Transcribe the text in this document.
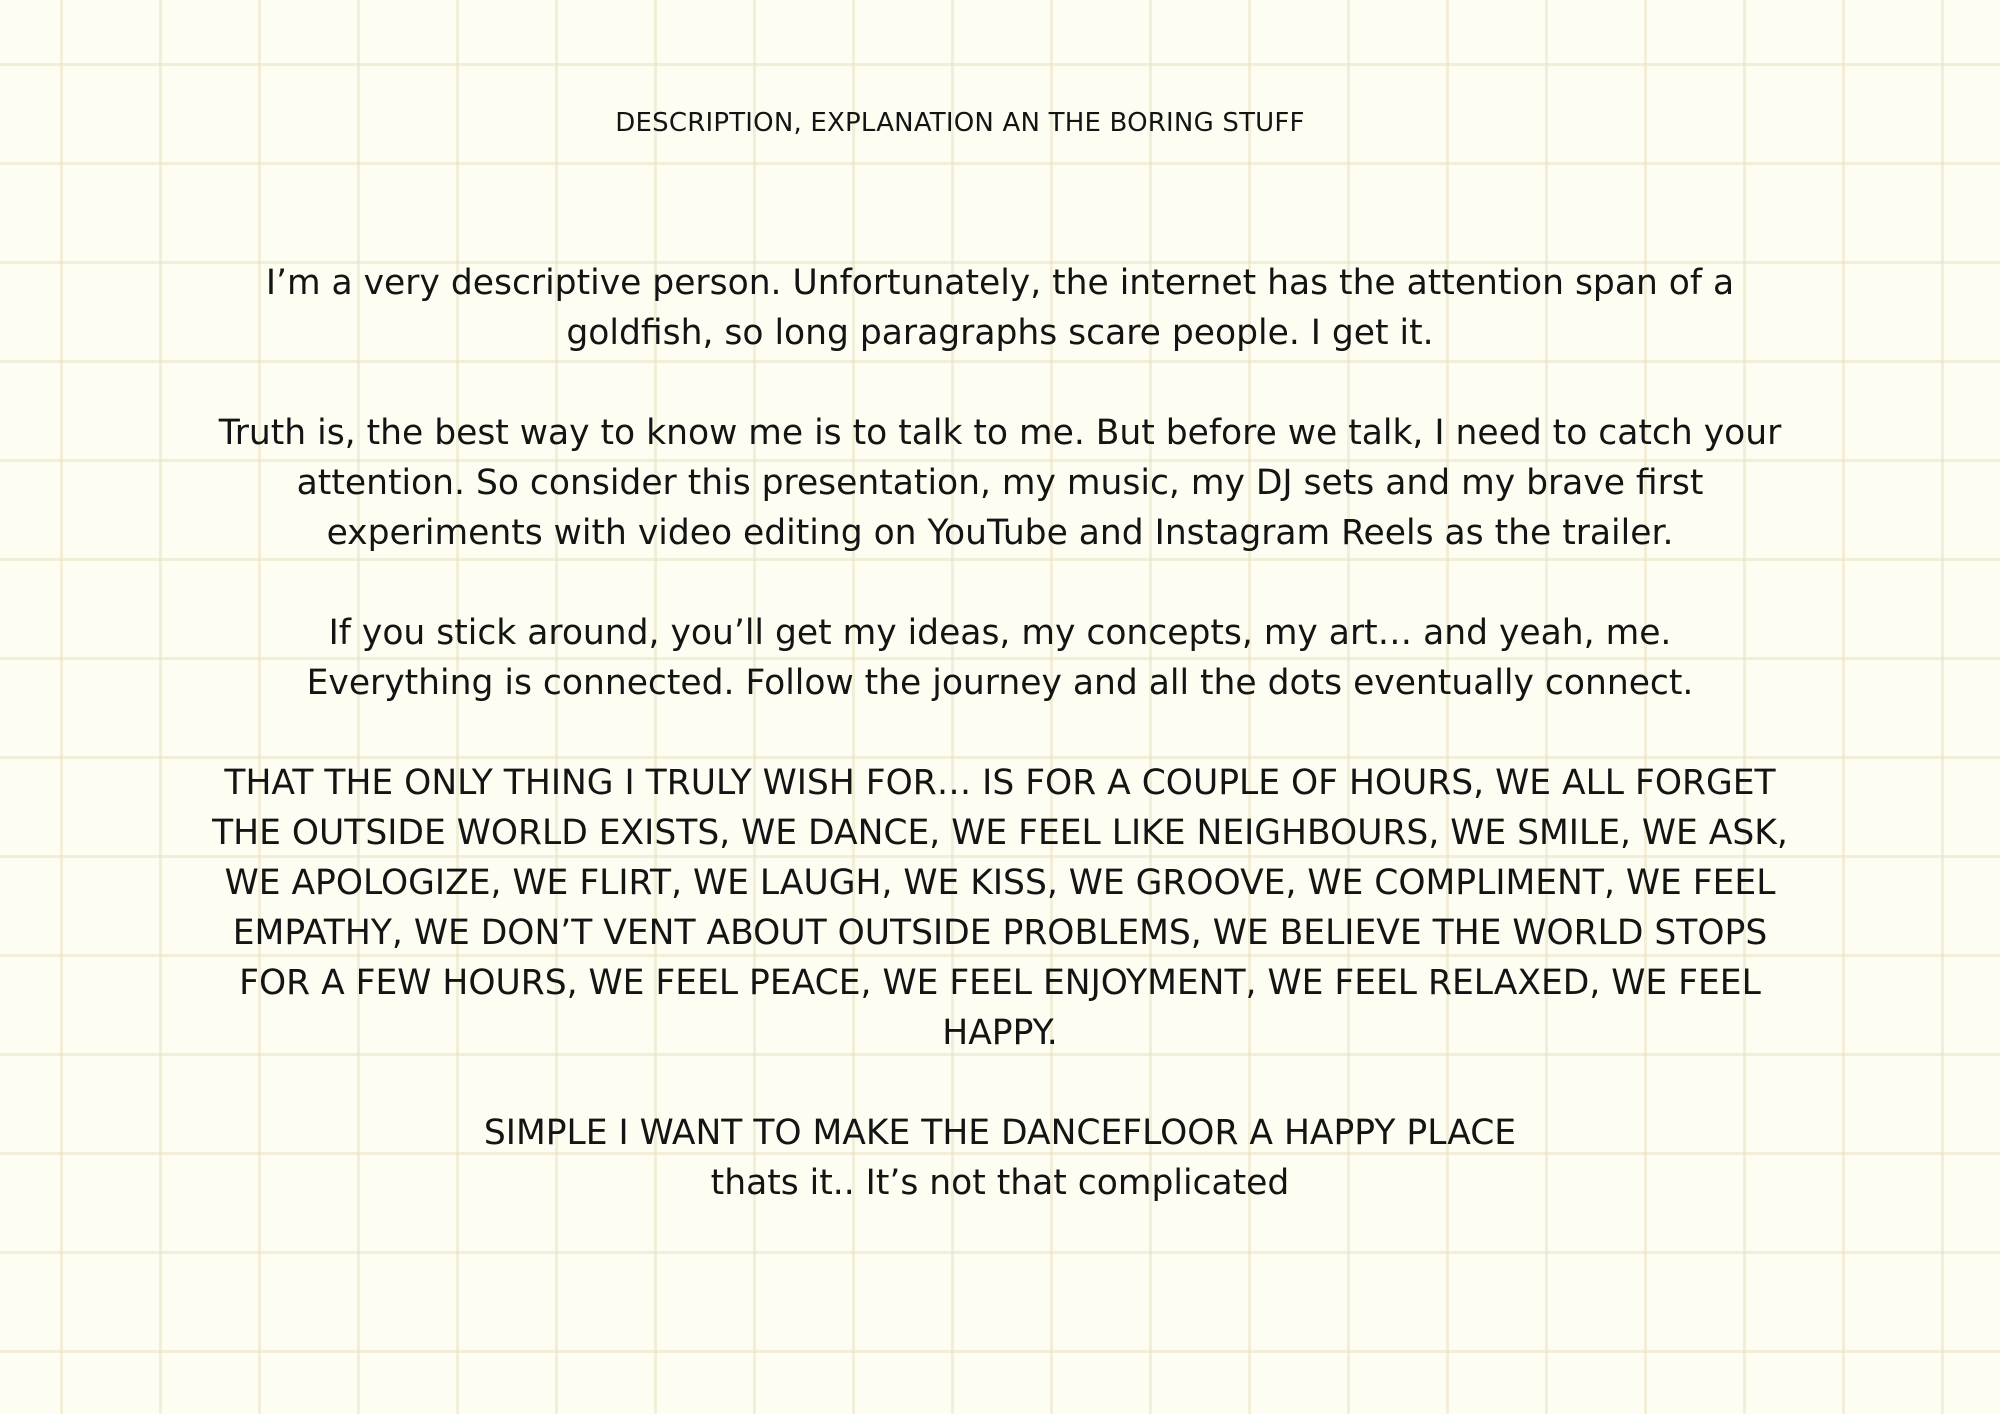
DESCRIPTION, EXPLANATION AN THE BORING STUFF

I’m a very descriptive person. Unfortunately, the internet has the attention span of a
goldfish, so long paragraphs scare people. I get it.

Truth is, the best way to know me is to talk to me. But before we talk, I need to catch your
attention. So consider this presentation, my music, my DJ sets and my brave first
experiments with video editing on YouTube and Instagram Reels as the trailer.

If you stick around, you’ll get my ideas, my concepts, my art… and yeah, me.
Everything is connected. Follow the journey and all the dots eventually connect.

THAT THE ONLY THING I TRULY WISH FOR… IS FOR A COUPLE OF HOURS, WE ALL FORGET
THE OUTSIDE WORLD EXISTS, WE DANCE, WE FEEL LIKE NEIGHBOURS, WE SMILE, WE ASK,
WE APOLOGIZE, WE FLIRT, WE LAUGH, WE KISS, WE GROOVE, WE COMPLIMENT, WE FEEL
EMPATHY, WE DON’T VENT ABOUT OUTSIDE PROBLEMS, WE BELIEVE THE WORLD STOPS
FOR A FEW HOURS, WE FEEL PEACE, WE FEEL ENJOYMENT, WE FEEL RELAXED, WE FEEL
HAPPY.

SIMPLE I WANT TO MAKE THE DANCEFLOOR A HAPPY PLACE
thats it.. It’s not that complicated
